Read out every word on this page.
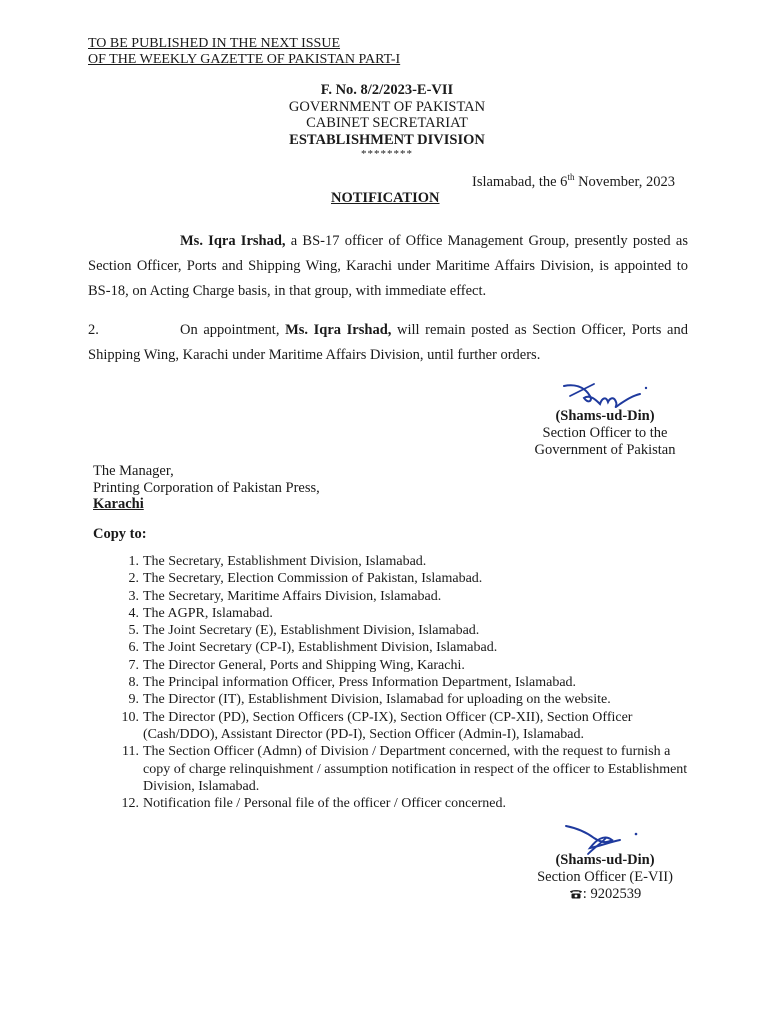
TO BE PUBLISHED IN THE NEXT ISSUE
OF THE WEEKLY GAZETTE OF PAKISTAN PART-I
F. No. 8/2/2023-E-VII
GOVERNMENT OF PAKISTAN
CABINET SECRETARIAT
ESTABLISHMENT DIVISION
********
Islamabad, the 6th November, 2023
NOTIFICATION
Ms. Iqra Irshad, a BS-17 officer of Office Management Group, presently posted as Section Officer, Ports and Shipping Wing, Karachi under Maritime Affairs Division, is appointed to BS-18, on Acting Charge basis, in that group, with immediate effect.
2.	On appointment, Ms. Iqra Irshad, will remain posted as Section Officer, Ports and Shipping Wing, Karachi under Maritime Affairs Division, until further orders.
(Shams-ud-Din)
Section Officer to the
Government of Pakistan
The Manager,
Printing Corporation of Pakistan Press,
Karachi
Copy to:
1. The Secretary, Establishment Division, Islamabad.
2. The Secretary, Election Commission of Pakistan, Islamabad.
3. The Secretary, Maritime Affairs Division, Islamabad.
4. The AGPR, Islamabad.
5. The Joint Secretary (E), Establishment Division, Islamabad.
6. The Joint Secretary (CP-I), Establishment Division, Islamabad.
7. The Director General, Ports and Shipping Wing, Karachi.
8. The Principal information Officer, Press Information Department, Islamabad.
9. The Director (IT), Establishment Division, Islamabad for uploading on the website.
10. The Director (PD), Section Officers (CP-IX), Section Officer (CP-XII), Section Officer (Cash/DDO), Assistant Director (PD-I), Section Officer (Admin-I), Islamabad.
11. The Section Officer (Admn) of Division / Department concerned, with the request to furnish a copy of charge relinquishment / assumption notification in respect of the officer to Establishment Division, Islamabad.
12. Notification file / Personal file of the officer / Officer concerned.
(Shams-ud-Din)
Section Officer (E-VII)
: 9202539
